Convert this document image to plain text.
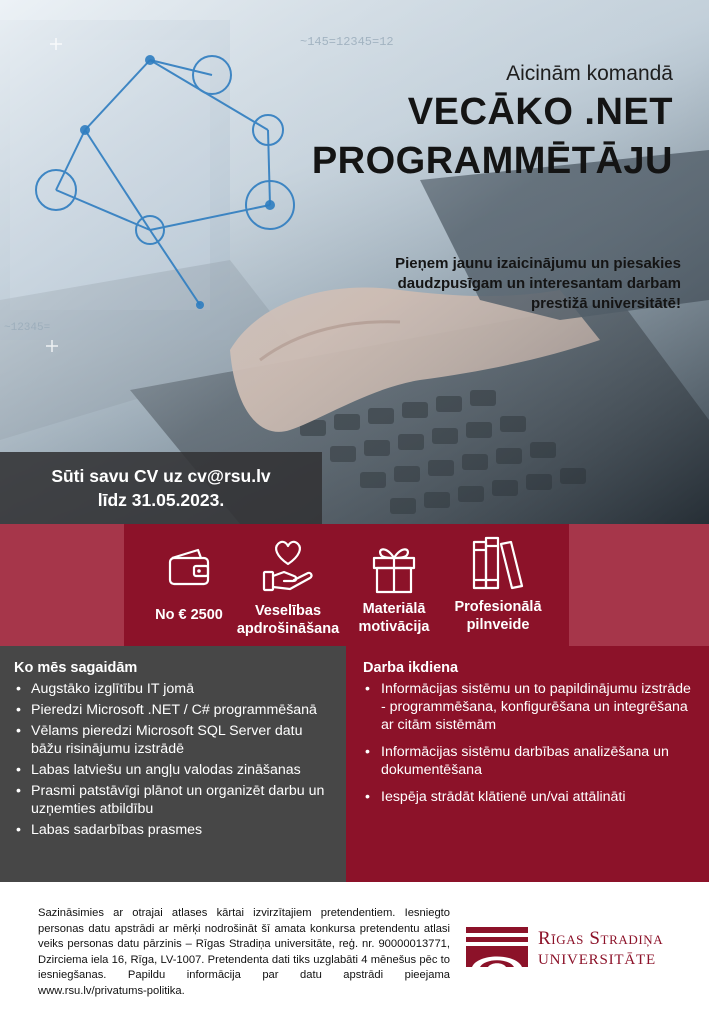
~145=12345=12
~12345=
Aicinām komandā
VECĀKO .NET
PROGRAMMĒTĀJU
Pieņem jaunu izaicinājumu un piesakies daudzpusīgam un interesantam darbam prestižā universitātē!
Sūti savu CV uz cv@rsu.lv
līdz 31.05.2023.
No € 2500	Veselības apdrošināšana
Materiālā motivācija
Profesionālā pilnveide
Ko mēs sagaidām
• Augstāko izglītību IT jomā
• Pieredzi Microsoft .NET / C# programmēšanā
• Vēlams pieredzi Microsoft SQL Server datu bāžu risinājumu izstrādē
• Labas latviešu un angļu valodas zināšanas
• Prasmi patstāvīgi plānot un organizēt darbu un uzņemties atbildību
• Labas sadarbības prasmes
Darba ikdiena
• Informācijas sistēmu un to papildinājumu izstrāde - programmēšana, konfigurēšana un integrēšana ar citām sistēmām
• Informācijas sistēmu darbības analizēšana un dokumentēšana
• Iespēja strādāt klātienē un/vai attālināti
Sazināsimies ar otrajai atlases kārtai izvirzītajiem pretendentiem. Iesniegto personas datu apstrādi ar mērķi nodrošināt šī amata konkursa pretendentu atlasi veiks personas datu pārzinis – Rīgas Stradiņa universitāte, reģ. nr. 90000013771, Dzirciema iela 16, Rīga, LV-1007. Pretendenta dati tiks uzglabāti 4 mēnešus pēc to iesniegšanas. Papildu informācija par datu apstrādi pieejama www.rsu.lv/privatums-politika.
Rīgas Stradiņa
UNIVERSITĀTE
